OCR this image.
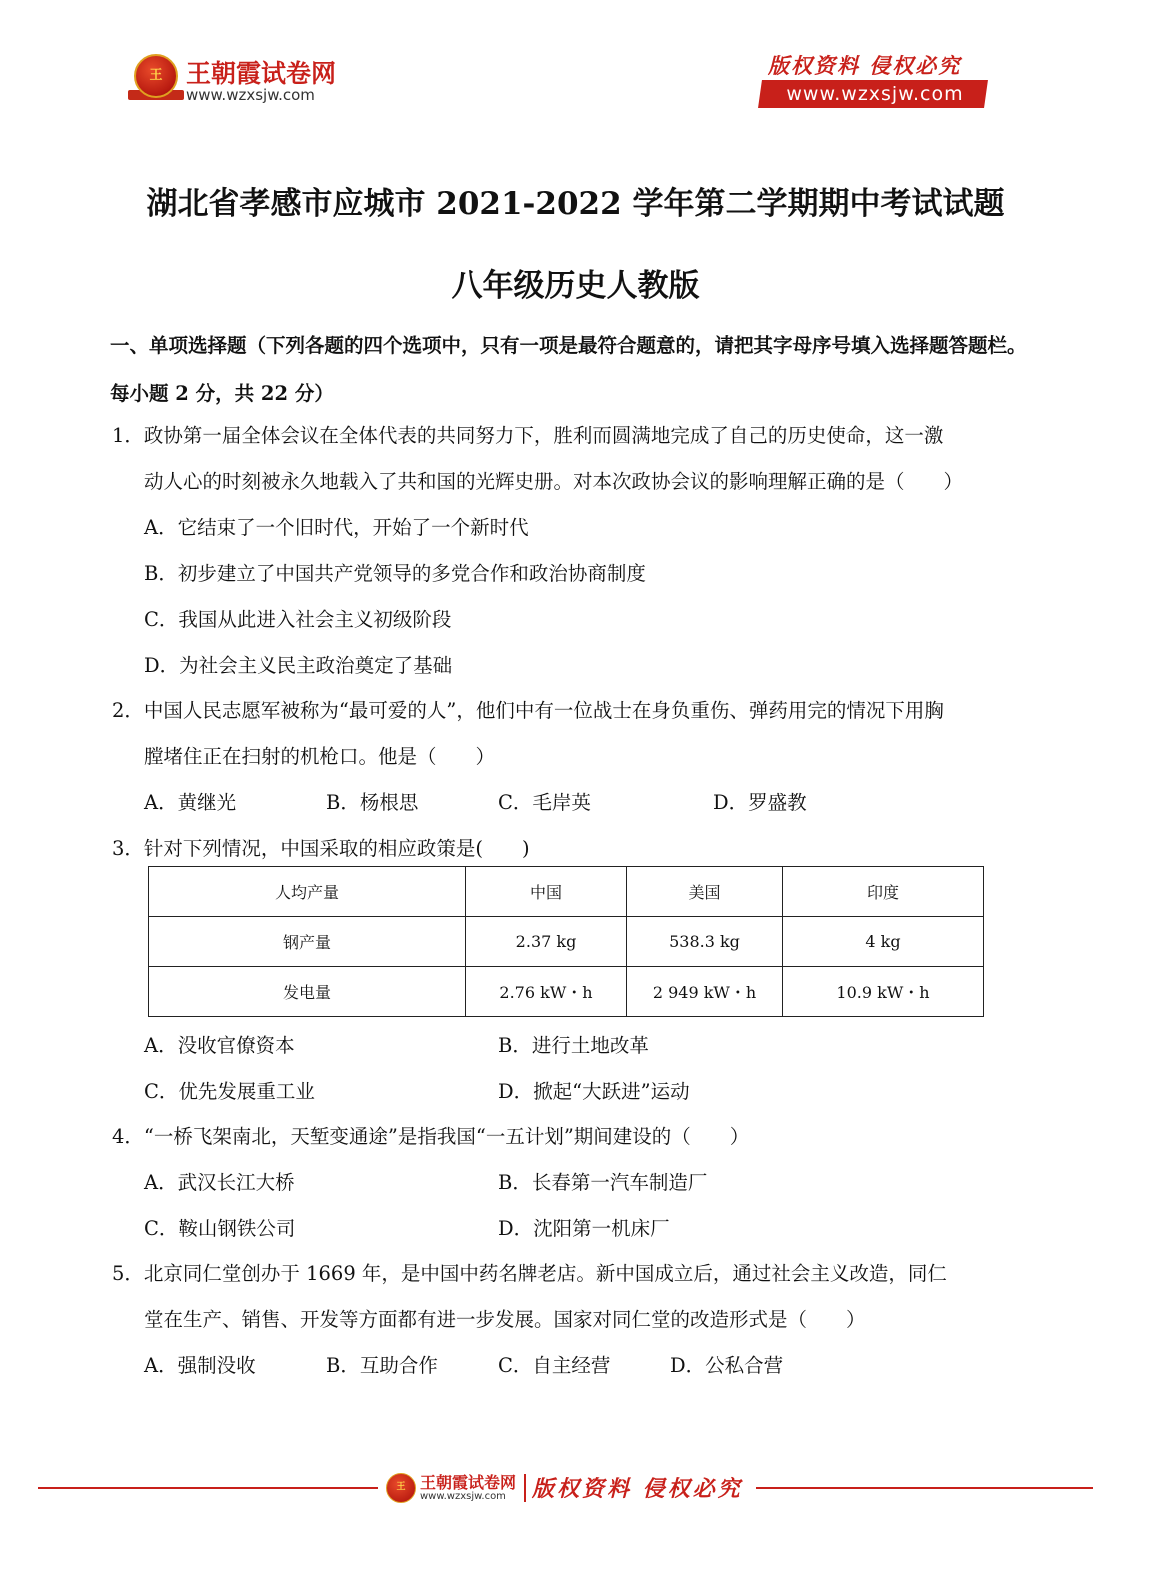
王 王朝霞试卷网
www.wzxsjw.com
版权资料 侵权必究
www.wzxsjw.com
湖北省孝感市应城市 2021-2022 学年第二学期期中考试试题
八年级历史人教版
一、单项选择题（下列各题的四个选项中，只有一项是最符合题意的，请把其字母序号填入选择题答题栏。每小题 2 分，共 22 分）
1．政协第一届全体会议在全体代表的共同努力下，胜利而圆满地完成了自己的历史使命，这一激
动人心的时刻被永久地载入了共和国的光辉史册。对本次政协会议的影响理解正确的是（　　）
A．它结束了一个旧时代，开始了一个新时代
B．初步建立了中国共产党领导的多党合作和政治协商制度
C．我国从此进入社会主义初级阶段
D．为社会主义民主政治奠定了基础
2．中国人民志愿军被称为“最可爱的人”，他们中有一位战士在身负重伤、弹药用完的情况下用胸
膛堵住正在扫射的机枪口。他是（　　）
A．黄继光	B．杨根思	C．毛岸英	D．罗盛教
3．针对下列情况，中国采取的相应政策是(　　)
人均产量	中国	美国	印度
钢产量	2.37 kg	538.3 kg	4 kg
发电量	2.76 kW・h	2 949 kW・h	10.9 kW・h
A．没收官僚资本	B．进行土地改革
C．优先发展重工业	D．掀起“大跃进”运动
4．“一桥飞架南北，天堑变通途”是指我国“一五计划”期间建设的（　　）
A．武汉长江大桥	B．长春第一汽车制造厂
C．鞍山钢铁公司	D．沈阳第一机床厂
5．北京同仁堂创办于 1669 年，是中国中药名牌老店。新中国成立后，通过社会主义改造，同仁
堂在生产、销售、开发等方面都有进一步发展。国家对同仁堂的改造形式是（　　）
A．强制没收	B．互助合作	C．自主经营	D．公私合营
王 王朝霞试卷网
www.wzxsjw.com 版权资料 侵权必究
